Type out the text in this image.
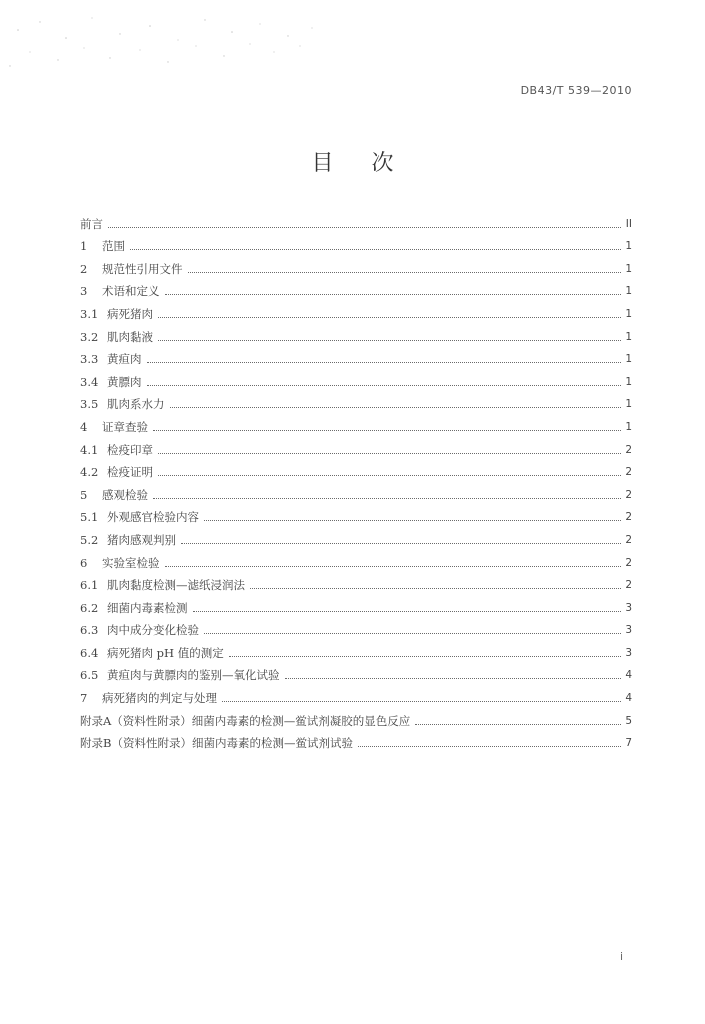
DB43/T 539—2010
目次
前言	II
1	范围	1
2	规范性引用文件	1
3	术语和定义	1
3.1 病死猪肉	1
3.2 肌肉黏液	1
3.3 黄疸肉	1
3.4 黄膘肉	1
3.5 肌肉系水力	1
4	证章查验	1
4.1 检疫印章	2
4.2 检疫证明	2
5	感观检验	2
5.1 外观感官检验内容	2
5.2 猪肉感观判别	2
6	实验室检验	2
6.1 肌肉黏度检测—滤纸浸润法	2
6.2 细菌内毒素检测	3
6.3 肉中成分变化检验	3
6.4 病死猪肉 pH 值的测定	3
6.5 黄疸肉与黄膘肉的鉴别—氧化试验	4
7	病死猪肉的判定与处理	4
附录A（资料性附录）细菌内毒素的检测—鲎试剂凝胶的显色反应	5
附录B（资料性附录）细菌内毒素的检测—鲎试剂试验	7
i
